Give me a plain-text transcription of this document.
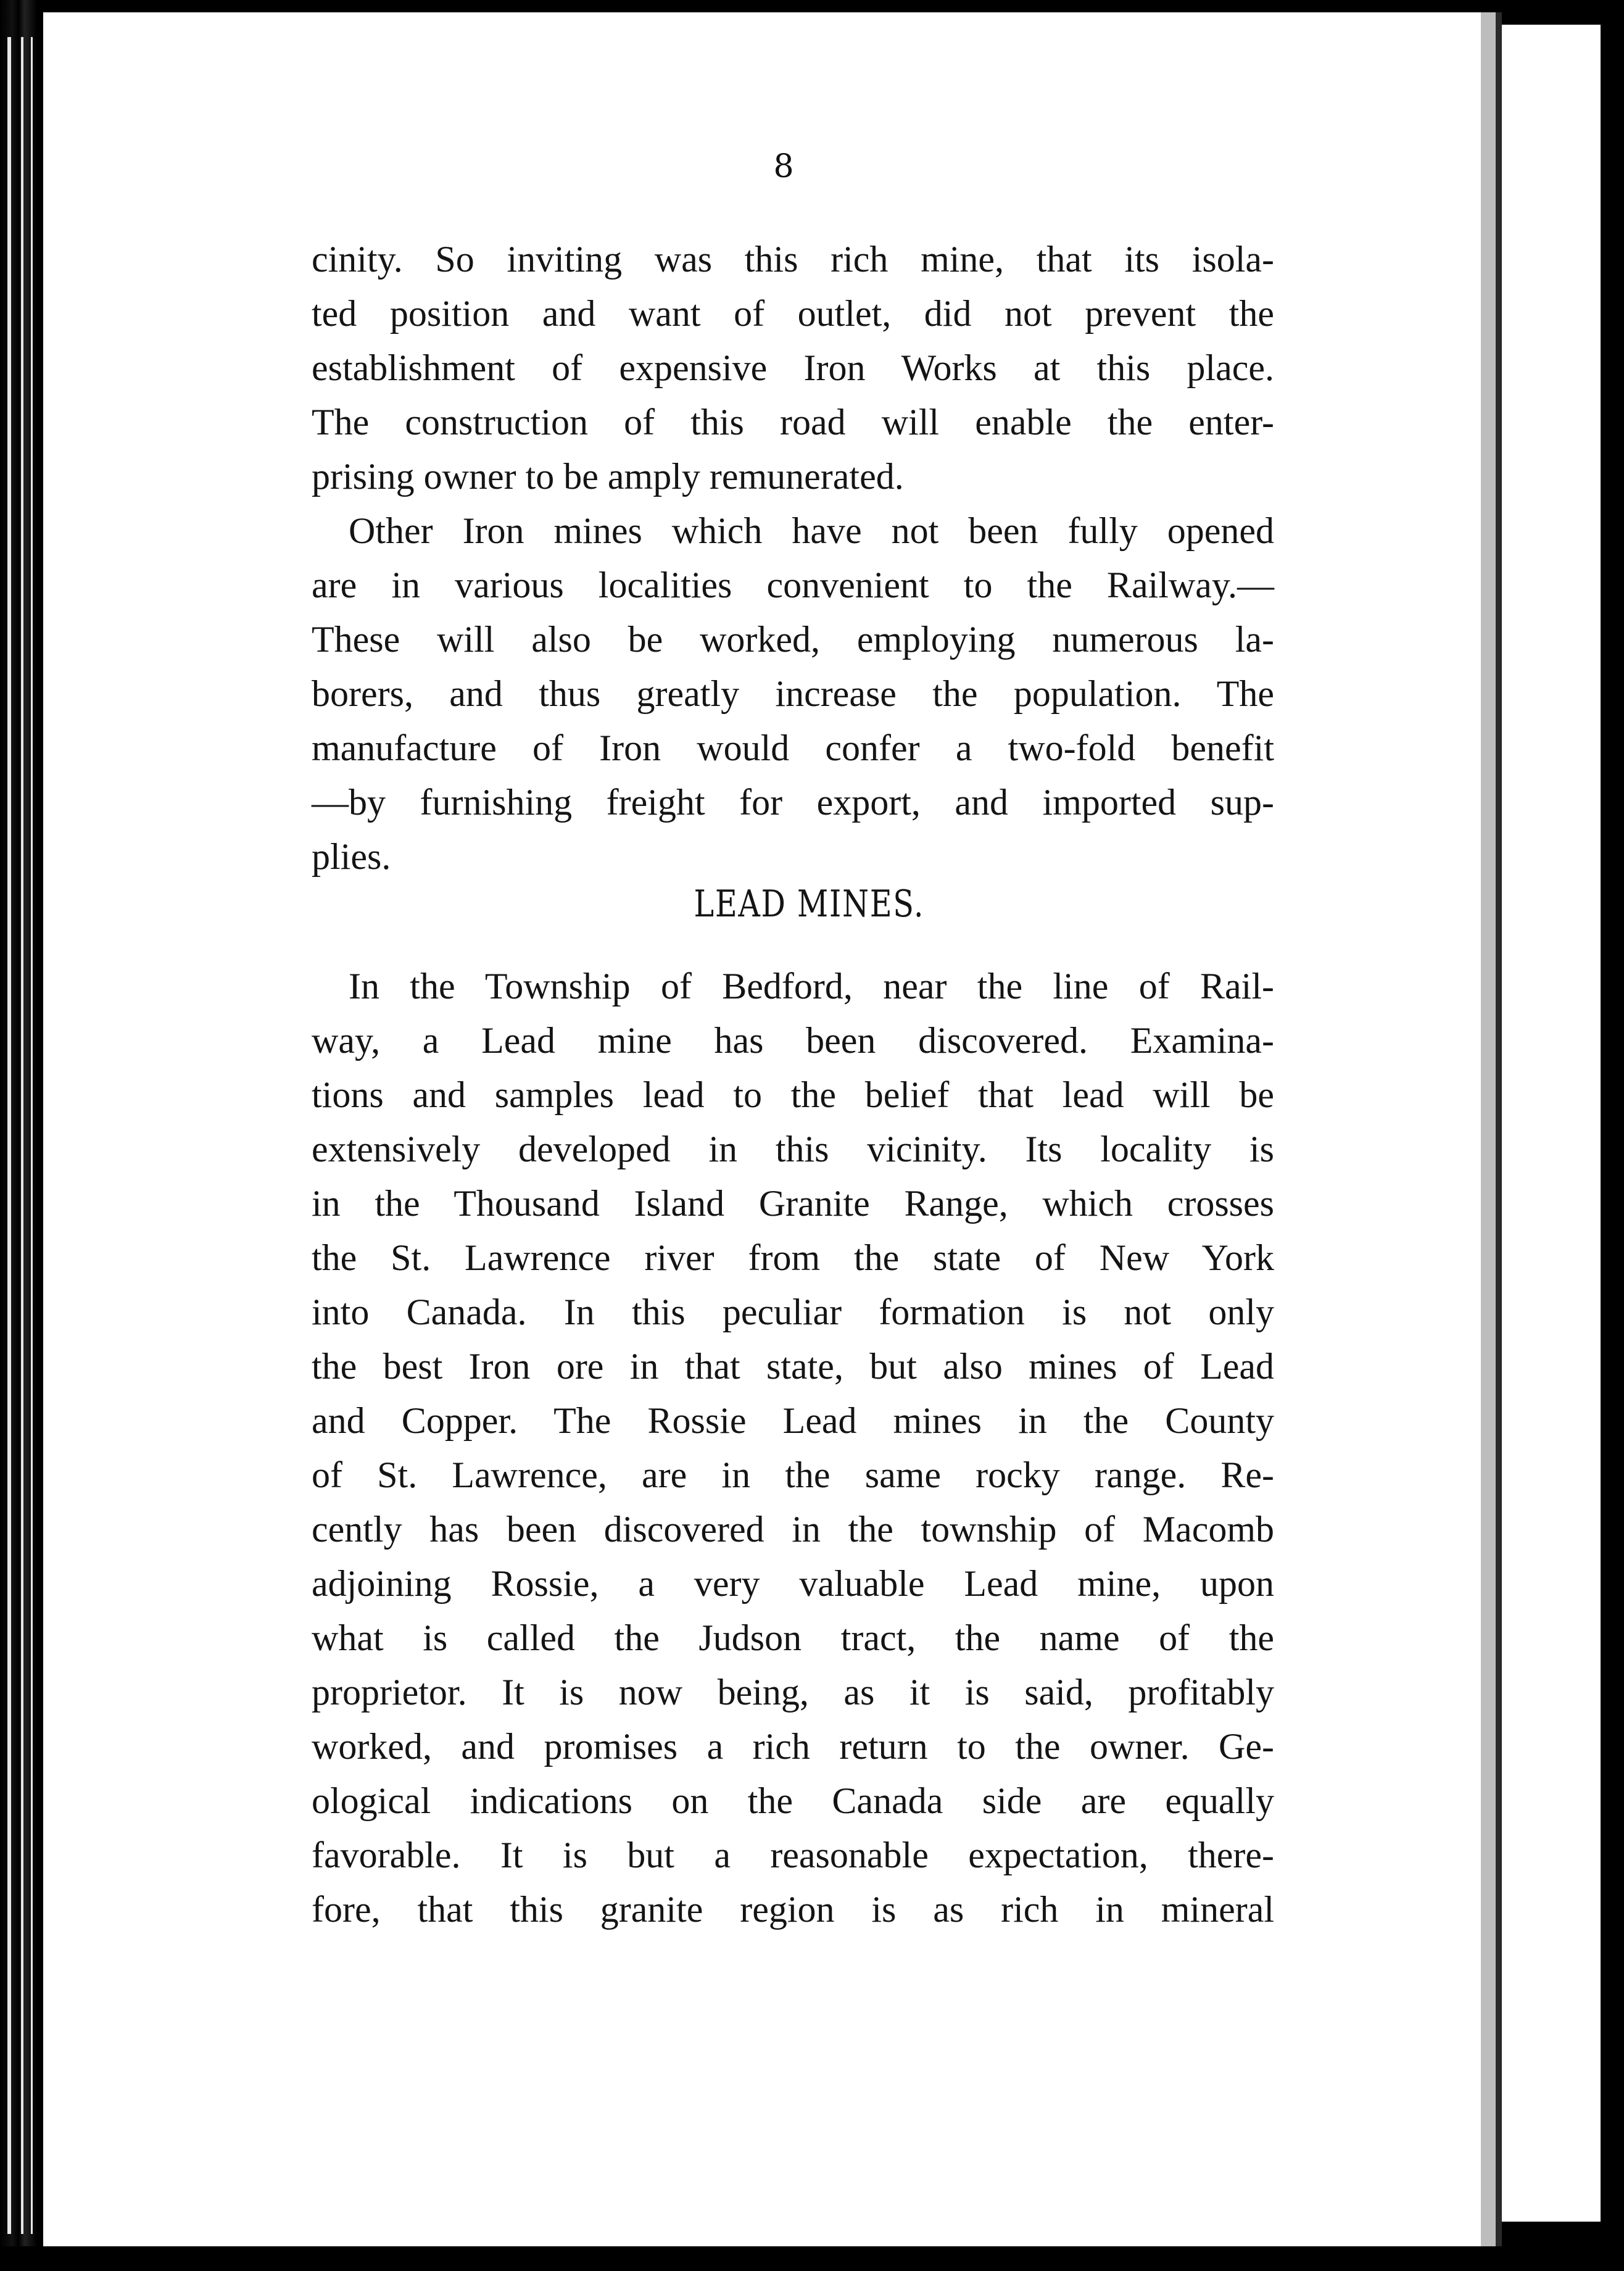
8
cinity. So inviting was this rich mine, that its isola-
ted position and want of outlet, did not prevent the
establishment of expensive Iron Works at this place.
The construction of this road will enable the enter-
prising owner to be amply remunerated.
Other Iron mines which have not been fully opened
are in various localities convenient to the Railway.—
These will also be worked, employing numerous la-
borers, and thus greatly increase the population. The
manufacture of Iron would confer a two-fold benefit
—by furnishing freight for export, and imported sup-
plies.
LEAD MINES.
In the Township of Bedford, near the line of Rail-
way, a Lead mine has been discovered. Examina-
tions and samples lead to the belief that lead will be
extensively developed in this vicinity. Its locality is
in the Thousand Island Granite Range, which crosses
the St. Lawrence river from the state of New York
into Canada. In this peculiar formation is not only
the best Iron ore in that state, but also mines of Lead
and Copper. The Rossie Lead mines in the County
of St. Lawrence, are in the same rocky range. Re-
cently has been discovered in the township of Macomb
adjoining Rossie, a very valuable Lead mine, upon
what is called the Judson tract, the name of the
proprietor. It is now being, as it is said, profitably
worked, and promises a rich return to the owner. Ge-
ological indications on the Canada side are equally
favorable. It is but a reasonable expectation, there-
fore, that this granite region is as rich in mineral
